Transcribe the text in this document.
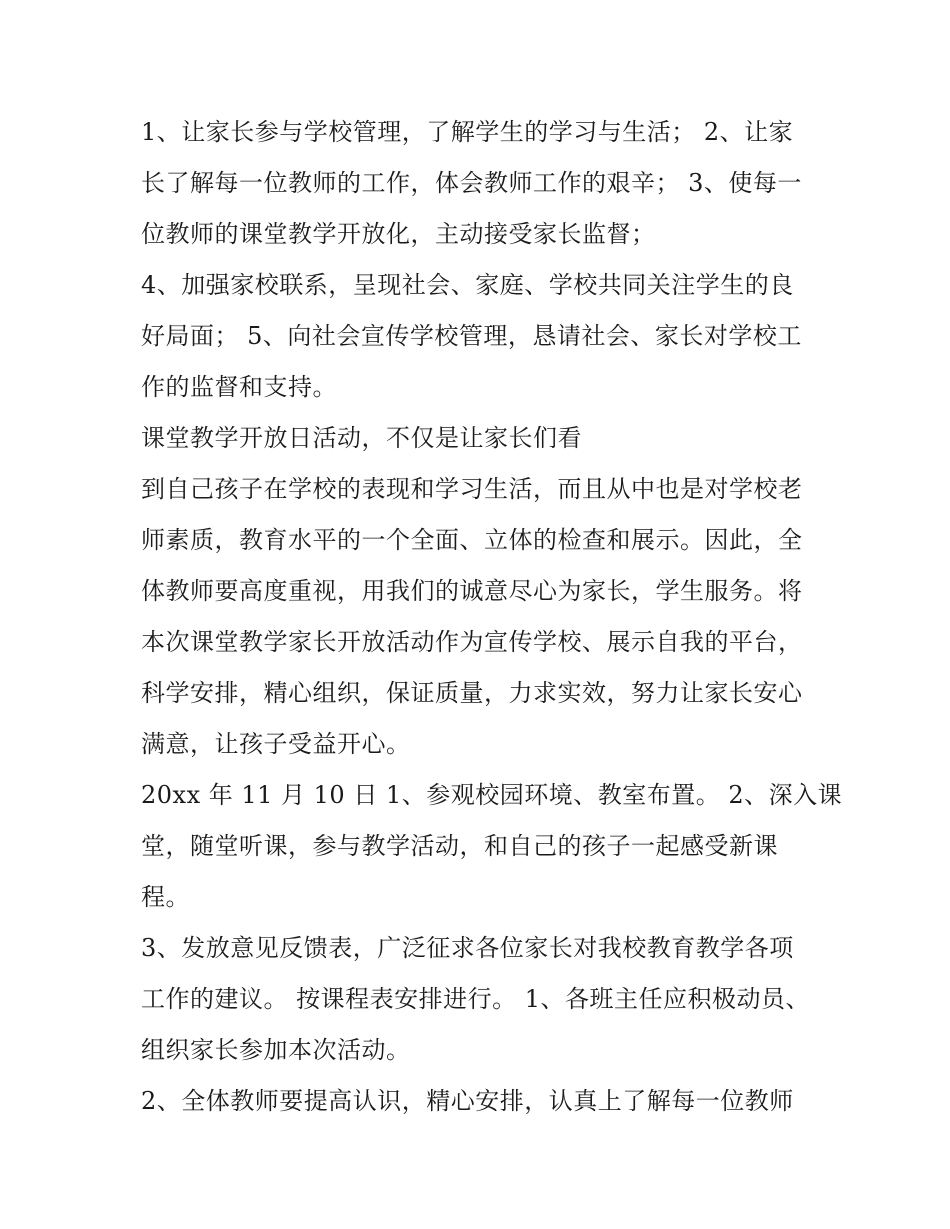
1、让家长参与学校管理，了解学生的学习与生活； 2、让家
长了解每一位教师的工作，体会教师工作的艰辛； 3、使每一
位教师的课堂教学开放化，主动接受家长监督；
4、加强家校联系，呈现社会、家庭、学校共同关注学生的良
好局面； 5、向社会宣传学校管理，恳请社会、家长对学校工
作的监督和支持。
课堂教学开放日活动，不仅是让家长们看
到自己孩子在学校的表现和学习生活，而且从中也是对学校老
师素质，教育水平的一个全面、立体的检查和展示。因此，全
体教师要高度重视，用我们的诚意尽心为家长，学生服务。将
本次课堂教学家长开放活动作为宣传学校、展示自我的平台，
科学安排，精心组织，保证质量，力求实效，努力让家长安心
满意，让孩子受益开心。
20xx 年 11 月 10 日 1、参观校园环境、教室布置。 2、深入课
堂，随堂听课，参与教学活动，和自己的孩子一起感受新课
程。
3、发放意见反馈表，广泛征求各位家长对我校教育教学各项
工作的建议。 按课程表安排进行。 1、各班主任应积极动员、
组织家长参加本次活动。
2、全体教师要提高认识，精心安排，认真上了解每一位教师
